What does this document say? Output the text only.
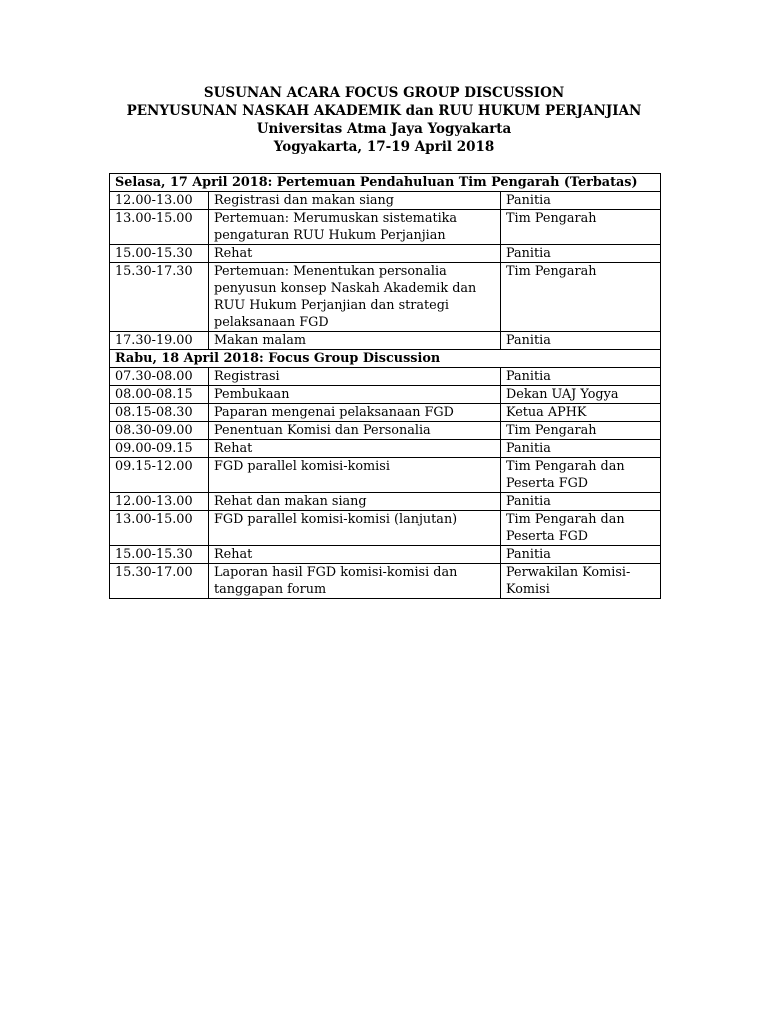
SUSUNAN ACARA FOCUS GROUP DISCUSSION
PENYUSUNAN NASKAH AKADEMIK dan RUU HUKUM PERJANJIAN
Universitas Atma Jaya Yogyakarta
Yogyakarta, 17-19 April 2018
Selasa, 17 April 2018: Pertemuan Pendahuluan Tim Pengarah (Terbatas)		
12.00-13.00	Registrasi dan makan siang	Panitia
13.00-15.00	Pertemuan: Merumuskan sistematika pengaturan RUU Hukum Perjanjian	Tim Pengarah
15.00-15.30	Rehat	Panitia
15.30-17.30	Pertemuan: Menentukan personalia penyusun konsep Naskah Akademik dan RUU Hukum Perjanjian dan strategi pelaksanaan FGD	Tim Pengarah
17.30-19.00	Makan malam	Panitia
Rabu, 18 April 2018: Focus Group Discussion		
07.30-08.00	Registrasi	Panitia
08.00-08.15	Pembukaan	Dekan UAJ Yogya
08.15-08.30	Paparan mengenai pelaksanaan FGD	Ketua APHK
08.30-09.00	Penentuan Komisi dan Personalia	Tim Pengarah
09.00-09.15	Rehat	Panitia
09.15-12.00	FGD parallel komisi-komisi	Tim Pengarah dan Peserta FGD
12.00-13.00	Rehat dan makan siang	Panitia
13.00-15.00	FGD parallel komisi-komisi (lanjutan)	Tim Pengarah dan Peserta FGD
15.00-15.30	Rehat	Panitia
15.30-17.00	Laporan hasil FGD komisi-komisi dan tanggapan forum	Perwakilan Komisi-Komisi
